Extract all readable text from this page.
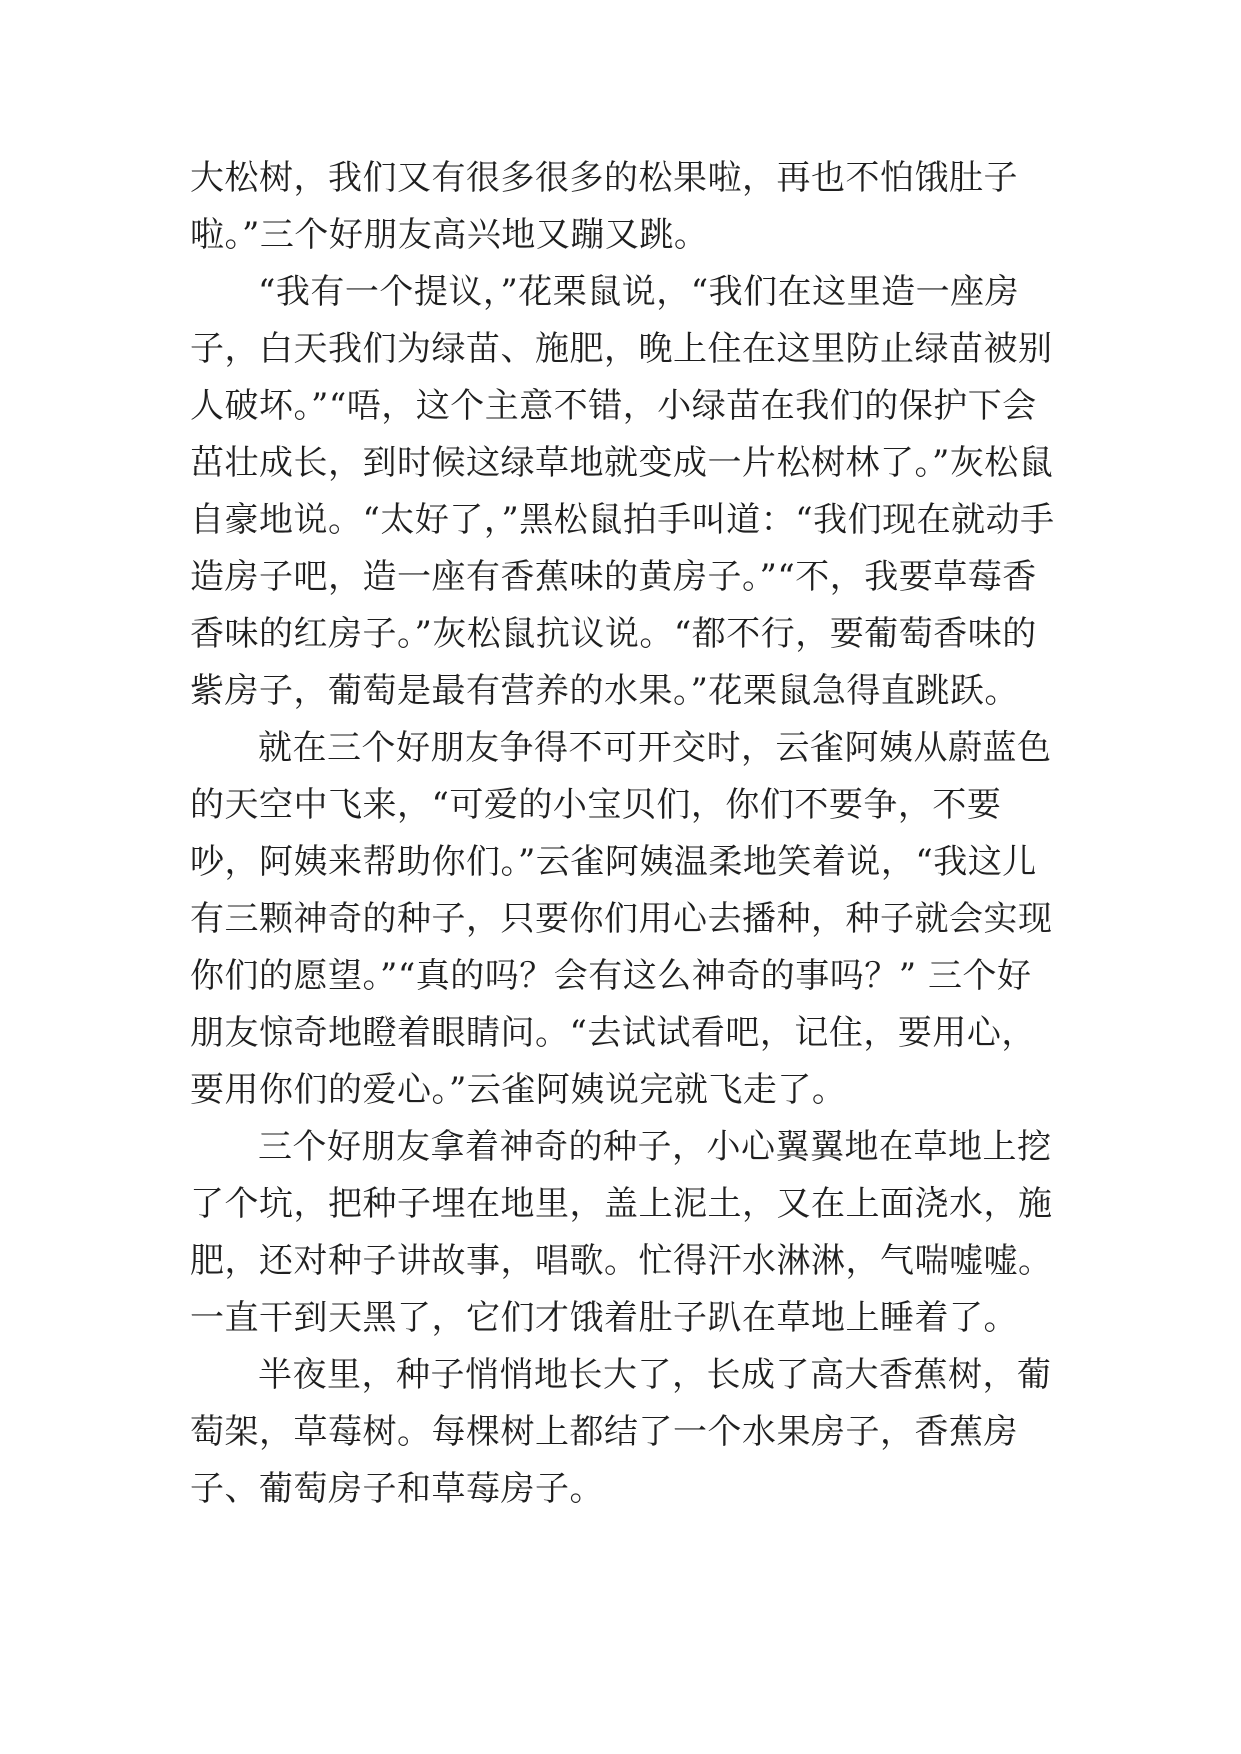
大松树，我们又有很多很多的松果啦，再也不怕饿肚子啦。”三个好朋友高兴地又蹦又跳。

“我有一个提议，”花栗鼠说，“我们在这里造一座房子，白天我们为绿苗、施肥，晚上住在这里防止绿苗被别人破坏。”“唔，这个主意不错，小绿苗在我们的保护下会茁壮成长，到时候这绿草地就变成一片松树林了。”灰松鼠自豪地说。“太好了，”黑松鼠拍手叫道：“我们现在就动手造房子吧，造一座有香蕉味的黄房子。”“不，我要草莓香香味的红房子。”灰松鼠抗议说。“都不行，要葡萄香味的紫房子，葡萄是最有营养的水果。”花栗鼠急得直跳跃。

就在三个好朋友争得不可开交时，云雀阿姨从蔚蓝色的天空中飞来，“可爱的小宝贝们，你们不要争，不要吵，阿姨来帮助你们。”云雀阿姨温柔地笑着说，“我这儿有三颗神奇的种子，只要你们用心去播种，种子就会实现你们的愿望。”“真的吗？会有这么神奇的事吗？” 三个好朋友惊奇地瞪着眼睛问。“去试试看吧，记住，要用心，要用你们的爱心。”云雀阿姨说完就飞走了。

三个好朋友拿着神奇的种子，小心翼翼地在草地上挖了个坑，把种子埋在地里，盖上泥土，又在上面浇水，施肥，还对种子讲故事，唱歌。忙得汗水淋淋，气喘嘘嘘。一直干到天黑了，它们才饿着肚子趴在草地上睡着了。

半夜里，种子悄悄地长大了，长成了高大香蕉树，葡萄架，草莓树。每棵树上都结了一个水果房子，香蕉房子、葡萄房子和草莓房子。
